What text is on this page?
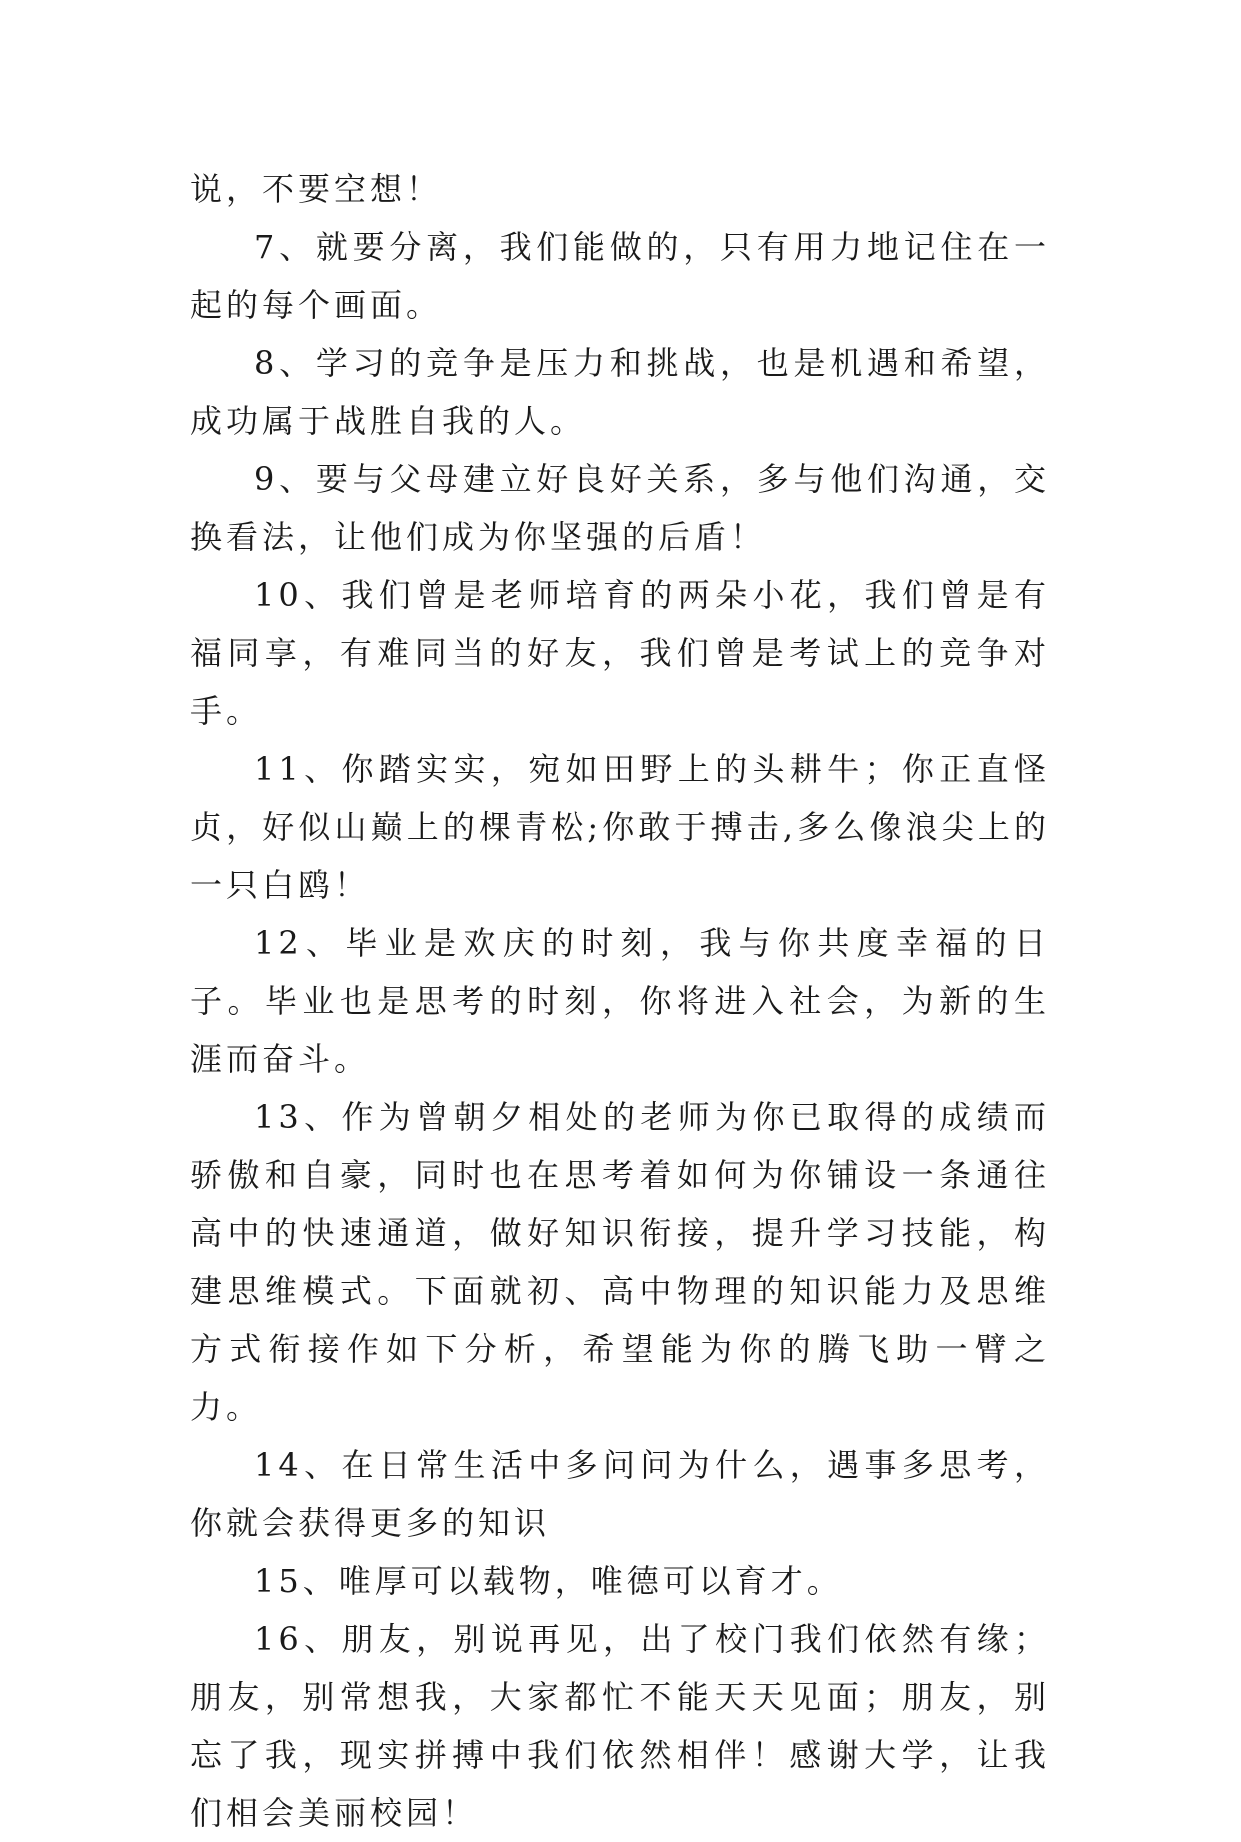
说，不要空想！

7、就要分离，我们能做的，只有用力地记住在一起的每个画面。

8、学习的竞争是压力和挑战，也是机遇和希望，成功属于战胜自我的人。

9、要与父母建立好良好关系，多与他们沟通，交换看法，让他们成为你坚强的后盾！

10、我们曾是老师培育的两朵小花，我们曾是有福同享，有难同当的好友，我们曾是考试上的竞争对手。

11、你踏实实，宛如田野上的头耕牛；你正直怪贞，好似山巅上的棵青松;你敢于搏击,多么像浪尖上的一只白鸥！

12、毕业是欢庆的时刻，我与你共度幸福的日子。毕业也是思考的时刻，你将进入社会，为新的生涯而奋斗。

13、作为曾朝夕相处的老师为你已取得的成绩而骄傲和自豪，同时也在思考着如何为你铺设一条通往高中的快速通道，做好知识衔接，提升学习技能，构建思维模式。下面就初、高中物理的知识能力及思维方式衔接作如下分析，希望能为你的腾飞助一臂之力。

14、在日常生活中多问问为什么，遇事多思考，你就会获得更多的知识

15、唯厚可以载物，唯德可以育才。

16、朋友，别说再见，出了校门我们依然有缘；朋友，别常想我，大家都忙不能天天见面；朋友，别忘了我，现实拼搏中我们依然相伴！感谢大学，让我们相会美丽校园！
